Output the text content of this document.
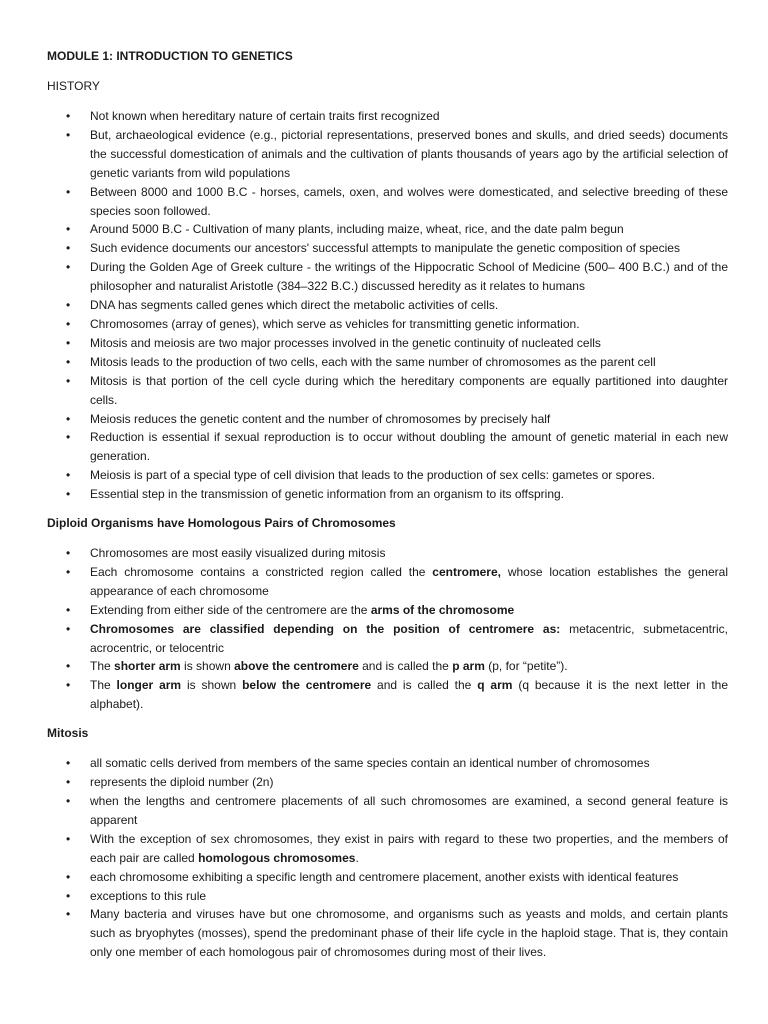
MODULE 1: INTRODUCTION TO GENETICS
HISTORY
• Not known when hereditary nature of certain traits first recognized
• But, archaeological evidence (e.g., pictorial representations, preserved bones and skulls, and dried seeds) documents the successful domestication of animals and the cultivation of plants thousands of years ago by the artificial selection of genetic variants from wild populations
• Between 8000 and 1000 B.C - horses, camels, oxen, and wolves were domesticated, and selective breeding of these species soon followed.
• Around 5000 B.C - Cultivation of many plants, including maize, wheat, rice, and the date palm begun
• Such evidence documents our ancestors' successful attempts to manipulate the genetic composition of species
• During the Golden Age of Greek culture - the writings of the Hippocratic School of Medicine (500– 400 B.C.) and of the philosopher and naturalist Aristotle (384–322 B.C.) discussed heredity as it relates to humans
• DNA has segments called genes which direct the metabolic activities of cells.
• Chromosomes (array of genes), which serve as vehicles for transmitting genetic information.
• Mitosis and meiosis are two major processes involved in the genetic continuity of nucleated cells
• Mitosis leads to the production of two cells, each with the same number of chromosomes as the parent cell
• Mitosis is that portion of the cell cycle during which the hereditary components are equally partitioned into daughter cells.
• Meiosis reduces the genetic content and the number of chromosomes by precisely half
• Reduction is essential if sexual reproduction is to occur without doubling the amount of genetic material in each new generation.
• Meiosis is part of a special type of cell division that leads to the production of sex cells: gametes or spores.
• Essential step in the transmission of genetic information from an organism to its offspring.
Diploid Organisms have Homologous Pairs of Chromosomes
• Chromosomes are most easily visualized during mitosis
• Each chromosome contains a constricted region called the centromere, whose location establishes the general appearance of each chromosome
• Extending from either side of the centromere are the arms of the chromosome
• Chromosomes are classified depending on the position of centromere as: metacentric, submetacentric, acrocentric, or telocentric
• The shorter arm is shown above the centromere and is called the p arm (p, for “petite”).
• The longer arm is shown below the centromere and is called the q arm (q because it is the next letter in the alphabet).
Mitosis
• all somatic cells derived from members of the same species contain an identical number of chromosomes
• represents the diploid number (2n)
• when the lengths and centromere placements of all such chromosomes are examined, a second general feature is apparent
• With the exception of sex chromosomes, they exist in pairs with regard to these two properties, and the members of each pair are called homologous chromosomes.
• each chromosome exhibiting a specific length and centromere placement, another exists with identical features
• exceptions to this rule
• Many bacteria and viruses have but one chromosome, and organisms such as yeasts and molds, and certain plants such as bryophytes (mosses), spend the predominant phase of their life cycle in the haploid stage. That is, they contain only one member of each homologous pair of chromosomes during most of their lives.
